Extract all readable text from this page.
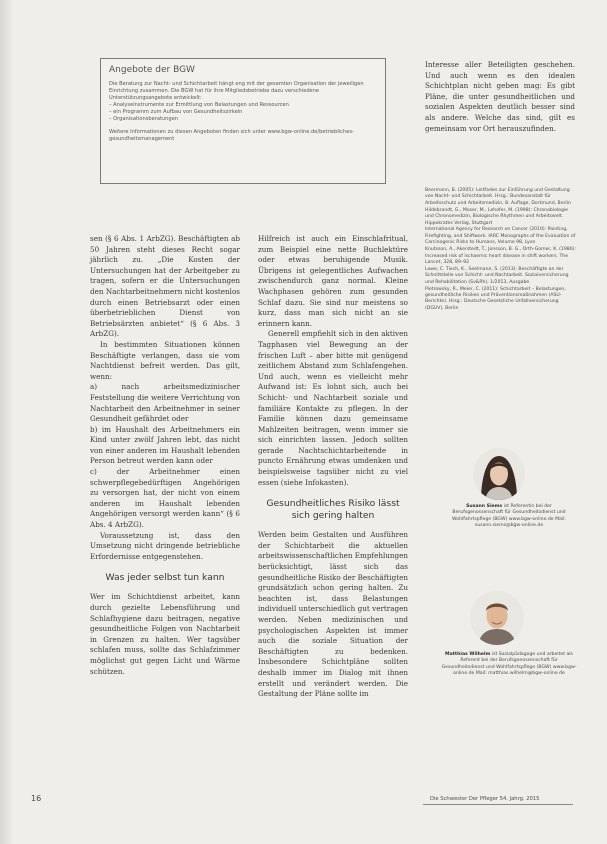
Angebote der BGW

Die Beratung zur Nacht- und Schichtarbeit hängt eng mit der gesamten Organisation der jeweiligen Einrichtung zusammen. Die BGW hat für ihre Mitgliedsbetriebe dazu verschiedene Unterstützungsangebote entwickelt:

– Analyseinstrumente zur Ermittlung von Belastungen und Ressourcen
– ein Programm zum Aufbau von Gesundheitszirkeln
– Organisationsberatungen

Weitere Informationen zu diesen Angeboten finden sich unter www.bgw-online.de/betriebliches-gesundheitsmanagement

sen (§ 6 Abs. 1 ArbZG). Beschäftigten ab 50 Jahren steht dieses Recht sogar jährlich zu. „Die Kosten der Untersuchungen hat der Arbeitgeber zu tragen, sofern er die Untersuchungen den Nachtarbeitnehmern nicht kostenlos durch einen Betriebsarzt oder einen überbetrieblichen Dienst von Betriebsärzten anbietet“ (§ 6 Abs. 3 ArbZG).

In bestimmten Situationen können Beschäftigte verlangen, dass sie vom Nachtdienst befreit werden. Das gilt, wenn:

a) nach arbeitsmedizinischer Feststellung die weitere Verrichtung von Nachtarbeit den Arbeitnehmer in seiner Gesundheit gefährdet oder

b) im Haushalt des Arbeitnehmers ein Kind unter zwölf Jahren lebt, das nicht von einer anderen im Haushalt lebenden Person betreut werden kann oder

c) der Arbeitnehmer einen schwerpflegebedürftigen Angehörigen zu versorgen hat, der nicht von einem anderen im Haushalt lebenden Angehörigen versorgt werden kann“ (§ 6 Abs. 4 ArbZG).

Voraussetzung ist, dass den Umsetzung nicht dringende betriebliche Erfordernisse entgegenstehen.

Was jeder selbst tun kann

Wer im Schichtdienst arbeitet, kann durch gezielte Lebensführung und Schlafhygiene dazu beitragen, negative gesundheitliche Folgen von Nachtarbeit in Grenzen zu halten. Wer tagsüber schlafen muss, sollte das Schlafzimmer möglichst gut gegen Licht und Wärme schützen.

Hilfreich ist auch ein Einschlafritual, zum Beispiel eine nette Buchlektüre oder etwas beruhigende Musik. Übrigens ist gelegentliches Aufwachen zwischendurch ganz normal. Kleine Wachphasen gehören zum gesunden Schlaf dazu. Sie sind nur meistens so kurz, dass man sich nicht an sie erinnern kann.

Generell empfiehlt sich in den aktiven Tagphasen viel Bewegung an der frischen Luft – aber bitte mit genügend zeitlichem Abstand zum Schlafengehen. Und auch, wenn es vielleicht mehr Aufwand ist: Es lohnt sich, auch bei Schicht- und Nachtarbeit soziale und familiäre Kontakte zu pflegen. In der Familie können dazu gemeinsame Mahlzeiten beitragen, wenn immer sie sich einrichten lassen. Jedoch sollten gerade Nachtschichtarbeitende in puncto Ernährung etwas umdenken und beispielsweise tagsüber nicht zu viel essen (siehe Infokasten).

Gesundheitliches Risiko lässt sich gering halten

Werden beim Gestalten und Ausführen der Schichtarbeit die aktuellen arbeitswissenschaftlichen Empfehlungen berücksichtigt, lässt sich das gesundheitliche Risiko der Beschäftigten grundsätzlich schon gering halten. Zu beachten ist, dass Belastungen individuell unterschiedlich gut vertragen werden. Neben medizinischen und psychologischen Aspekten ist immer auch die soziale Situation der Beschäftigten zu bedenken. Insbesondere Schichtpläne sollten deshalb immer im Dialog mit ihnen erstellt und verändert werden. Die Gestaltung der Pläne sollte im

Interesse aller Beteiligten geschehen. Und auch wenn es den idealen Schichtplan nicht geben mag: Es gibt Pläne, die unter gesundheitlichen und sozialen Aspekten deutlich besser sind als andere. Welche das sind, gilt es gemeinsam vor Ort herauszufinden.

Beermann, B. (2005): Leitfaden zur Einführung und Gestaltung von Nacht- und Schichtarbeit. Hrsg.: Bundesanstalt für Arbeitsschutz und Arbeitsmedizin, 8. Auflage, Dortmund, Berlin

Hildebrandt, G., Moser, M., Lehofer, M. (1998): Chronobiologie und Chronomedizin, Biologische Rhythmen und Arbeitswelt. Hippokrates Verlag, Stuttgart

International Agency for Research on Cancer (2010): Painting, Firefighting, and Shiftwork. IARC Monographs of the Evaluation of Carcinogenic Risks to Humans, Volume 98, Lyon

Knutsson, A., Akerstedt, T., Jonsson, B. G., Orth-Gomer, K. (1986): Increased risk of ischaemic heart disease in shift workers. The Lancet, 328, 89–92

Lowe, C. Tiech, K., Seelmann, S. (2013): Beschäftigte an der Schnittstelle von Schicht- und Nachtarbeit. Sozialversicherung und Rehabilitation (Sv&Rh), 1/2013, Ausgabe

Pietrowsky, R., Meier, C. (2011): Schichtarbeit – Belastungen, gesundheitliche Risiken und Präventionsmaßnahmen (ASU-Berichte). Hrsg.: Deutsche Gesetzliche Unfallversicherung (DGUV), Berlin

Susann Siems ist Referentin bei der Berufsgenossenschaft für Gesundheitsdienst und Wohlfahrtspflege (BGW) www.bgw-online.de Mail: susann.siems@bgw-online.de
Matthias Wilhelm ist Sozialpädagoge und arbeitet als Referent bei der Berufsgenossenschaft für Gesundheitsdienst und Wohlfahrtspflege (BGW) www.bgw-online.de Mail: matthias.wilhelm@bgw-online.de
16	Die Schwester Der Pfleger 54. Jahrg. 2015
